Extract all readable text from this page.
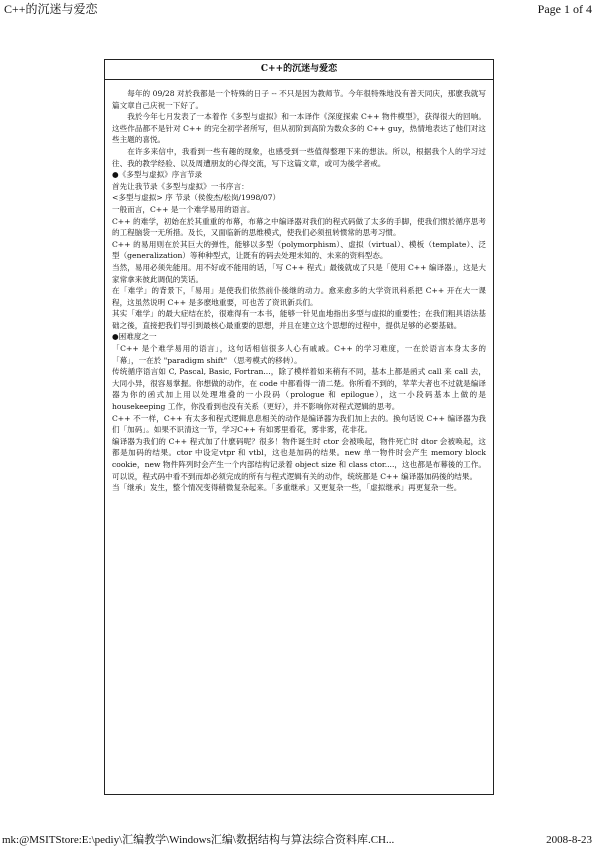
C++的沉迷与爱恋	Page 1 of 4
C++的沉迷与爱恋

每年的 09/28 对於我都是一个特殊的日子 -- 不只是因为教师节。今年很特殊地没有普天同庆，那麽我就写篇文章自己庆祝一下好了。

我於今年七月发表了一本着作《多型与虚拟》和一本译作《深度探索 C++ 物件模型》，获得很大的回响。这些作品都不是针对 C++ 的完全初学者所写，但从初阶到高阶为数众多的 C++ guy，热情地表达了他们对这些主题的喜悦。

在许多来信中，我看到一些有趣的现象，也感受到一些值得整理下来的想法。所以，根据我个人的学习过往、我的教学经验、以及周遭朋友的心得交流，写下这篇文章，或可为後学者戒。

●《多型与虚拟》序言节录

首先让我节录《多型与虚拟》一书序言：

<多型与虚拟> 序 节录（侯俊杰/松岗/1998/07）

一般而言，C++ 是一个难学易用的语言。

C++ 的难学，初始在於其重重的布幕，布幕之中编译器对我们的程式码做了太多的手脚，使我们惯於循序思考的工程脑袋一无所措。及长，又面临新的思维模式，使我们必须扭转惯常的思考习惯。

C++ 的易用则在於其巨大的弹性，能够以多型（polymorphism）、虚拟（virtual）、模板（template）、泛型（generalization）等种种型式，让既有的码去处理未知的、未来的资料型态。

当然，易用必须先能用。用不好或不能用的话，「写 C++ 程式」最後就成了只是「使用 C++ 编译器」，这是大家常拿来彼此调侃的笑话。

在「难学」的背景下，「易用」是使我们依然前仆後继的动力。愈来愈多的大学资讯科系把 C++ 开在大一课程，这虽然说明 C++ 是多麽地重要，可也苦了资讯新兵们。

其实「难学」的最大症结在於，很难得有一本书，能够一针见血地指出多型与虚拟的重要性；在我们粗具语法基础之後，直接把我们导引到最核心最重要的思想，并且在建立这个思想的过程中，提供足够的必要基础。

●困难度之一

「C++ 是个难学易用的语言」，这句话相信很多人心有戚戚。C++ 的学习难度，一在於语言本身太多的「幕」，一在於 "paradigm shift" （思考模式的移转）。

传统循序语言如 C, Pascal, Basic, Fortran...，除了模样着如来稍有不同，基本上都是函式 call 来 call 去，大同小异，很容易掌握。你想做的动作，在 code 中都看得一清二楚。你所看不到的，苹苹大者也不过就是编译器为你的函式加上用以处理堆叠的一小段码（prologue 和 epilogue），这一小段码基本上做的是 housekeeping 工作，你没看到也没有关系（更好），并不影响你对程式逻辑的思考。

C++ 不一样，C++ 有太多和程式逻辑息息相关的动作是编译器为我们加上去的。换句话说 C++ 编译器为我们「加码」。如果不识清这一节，学习C++ 有如雾里看花，雾非雾，花非花。

编译器为我们的 C++ 程式加了什麽码呢？很多！物件诞生时 ctor 会被唤起，物件死亡时 dtor 会被唤起，这都是加码的结果。ctor 中设定vtpr 和 vtbl，这也是加码的结果。new 单一物件时会产生 memory block cookie，new 物件阵列时会产生一个内部结构记录着 object size 和 class ctor....，这也都是布幕後的工作。可以说，程式码中看不到而却必须完成的所有与程式逻辑有关的动作，统统都是 C++ 编译器加码後的结果。

当「继承」发生，整个情况变得稍微复杂起来。「多重继承」又更复杂一些，「虚拟继承」再更复杂一些。

mk:@MSITStore:E:\pediy\汇编教学\Windows汇编\数据结构与算法综合资料库.CH...	2008-8-23
